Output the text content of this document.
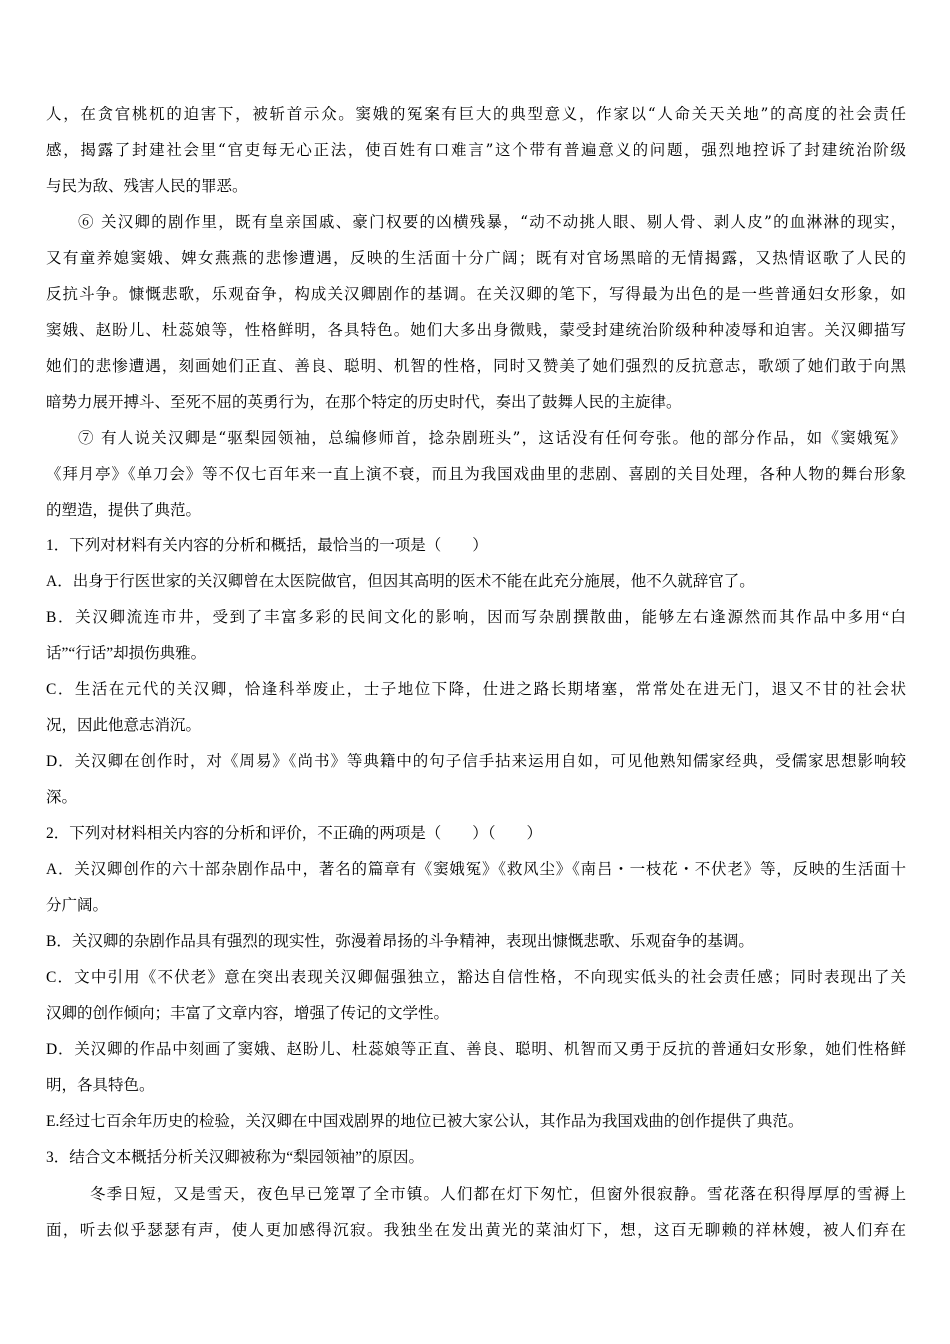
人，在贪官桃杌的迫害下，被斩首示众。窦娥的冤案有巨大的典型意义，作家以“人命关天关地”的高度的社会责任
感，揭露了封建社会里“官吏每无心正法，使百姓有口难言”这个带有普遍意义的问题，强烈地控诉了封建统治阶级
与民为敌、残害人民的罪恶。
⑥ 关汉卿的剧作里，既有皇亲国戚、豪门权要的凶横残暴，“动不动挑人眼、剔人骨、剥人皮”的血淋淋的现实，
又有童养媳窦娥、婢女燕燕的悲惨遭遇，反映的生活面十分广阔；既有对官场黑暗的无情揭露，又热情讴歌了人民的
反抗斗争。慷慨悲歌，乐观奋争，构成关汉卿剧作的基调。在关汉卿的笔下，写得最为出色的是一些普通妇女形象，如
窦娥、赵盼儿、杜蕊娘等，性格鲜明，各具特色。她们大多出身微贱，蒙受封建统治阶级种种凌辱和迫害。关汉卿描写
她们的悲惨遭遇，刻画她们正直、善良、聪明、机智的性格，同时又赞美了她们强烈的反抗意志，歌颂了她们敢于向黑
暗势力展开搏斗、至死不屈的英勇行为，在那个特定的历史时代，奏出了鼓舞人民的主旋律。
⑦ 有人说关汉卿是“驱梨园领袖，总编修师首，捻杂剧班头”，这话没有任何夸张。他的部分作品，如《窦娥冤》
《拜月亭》《单刀会》等不仅七百年来一直上演不衰，而且为我国戏曲里的悲剧、喜剧的关目处理，各种人物的舞台形象
的塑造，提供了典范。
1．下列对材料有关内容的分析和概括，最恰当的一项是（　　）
A．出身于行医世家的关汉卿曾在太医院做官，但因其高明的医术不能在此充分施展，他不久就辞官了。
B．关汉卿流连市井，受到了丰富多彩的民间文化的影响，因而写杂剧撰散曲，能够左右逢源然而其作品中多用“白
话”“行话”却损伤典雅。
C．生活在元代的关汉卿，恰逢科举废止，士子地位下降，仕进之路长期堵塞，常常处在进无门，退又不甘的社会状
况，因此他意志消沉。
D．关汉卿在创作时，对《周易》《尚书》等典籍中的句子信手拈来运用自如，可见他熟知儒家经典，受儒家思想影响较
深。
2．下列对材料相关内容的分析和评价，不正确的两项是（　　）（　　）
A．关汉卿创作的六十部杂剧作品中，著名的篇章有《窦娥冤》《救风尘》《南吕・一枝花・不伏老》等，反映的生活面十
分广阔。
B．关汉卿的杂剧作品具有强烈的现实性，弥漫着昂扬的斗争精神，表现出慷慨悲歌、乐观奋争的基调。
C．文中引用《不伏老》意在突出表现关汉卿倔强独立，豁达自信性格，不向现实低头的社会责任感；同时表现出了关
汉卿的创作倾向；丰富了文章内容，增强了传记的文学性。
D．关汉卿的作品中刻画了窦娥、赵盼儿、杜蕊娘等正直、善良、聪明、机智而又勇于反抗的普通妇女形象，她们性格鲜
明，各具特色。
E.经过七百余年历史的检验，关汉卿在中国戏剧界的地位已被大家公认，其作品为我国戏曲的创作提供了典范。
3．结合文本概括分析关汉卿被称为“梨园领袖”的原因。
冬季日短，又是雪天，夜色早已笼罩了全市镇。人们都在灯下匆忙，但窗外很寂静。雪花落在积得厚厚的雪褥上
面，听去似乎瑟瑟有声，使人更加感得沉寂。我独坐在发出黄光的菜油灯下，想，这百无聊赖的祥林嫂，被人们弃在
